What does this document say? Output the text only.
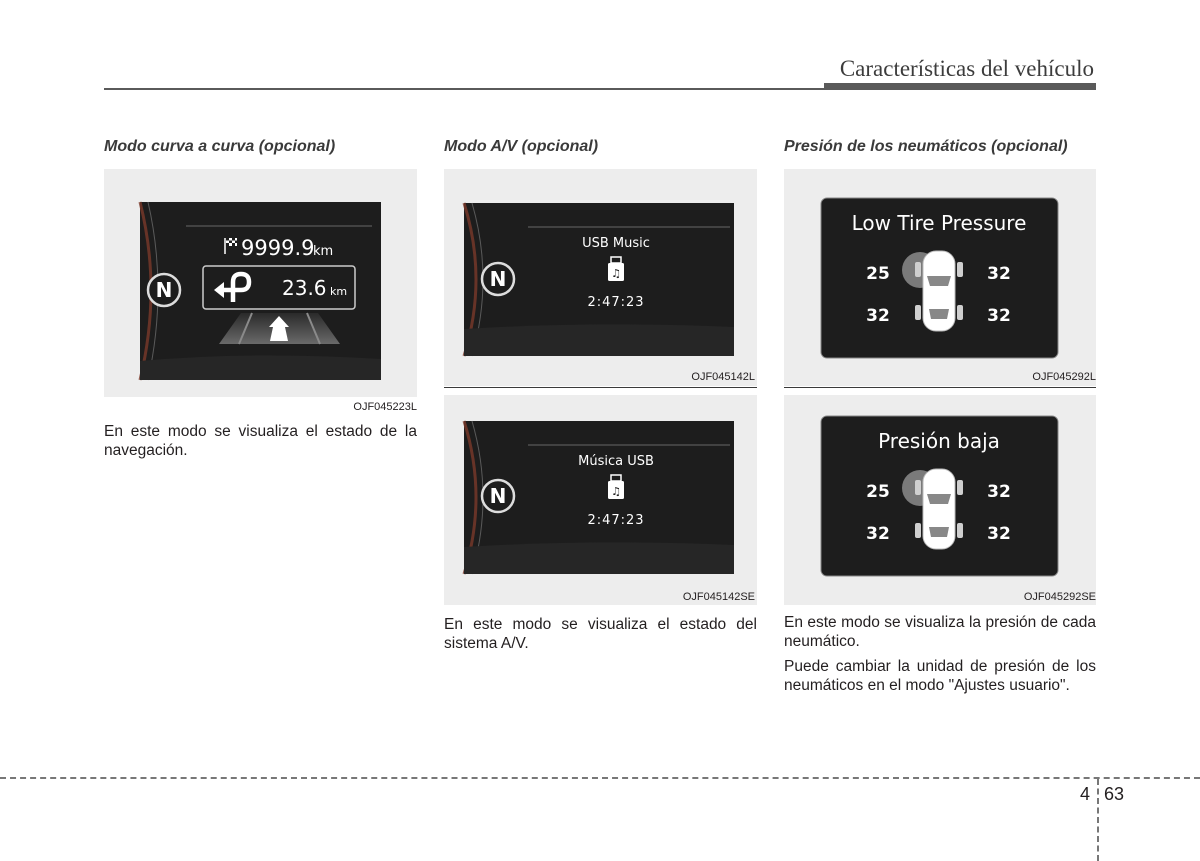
Características del vehículo
Modo curva a curva (opcional)
N
9999.9
km
23.6 km
OJF045223L

En este modo se visualiza el estado de la navegación.

Modo A/V (opcional)
N
USB Music
♫
2:47:23
OJF045142L
N
Música USB
♫
2:47:23
OJF045142SE

En este modo se visualiza el estado del sistema A/V.

Presión de los neumáticos (opcional)
Low Tire Pressure
25	32
32	32
OJF045292L
Presión baja
25	32
32	32
OJF045292SE

En este modo se visualiza la presión de cada neumático.

Puede cambiar la unidad de presión de los neumáticos en el modo "Ajustes usuario".

4 63
